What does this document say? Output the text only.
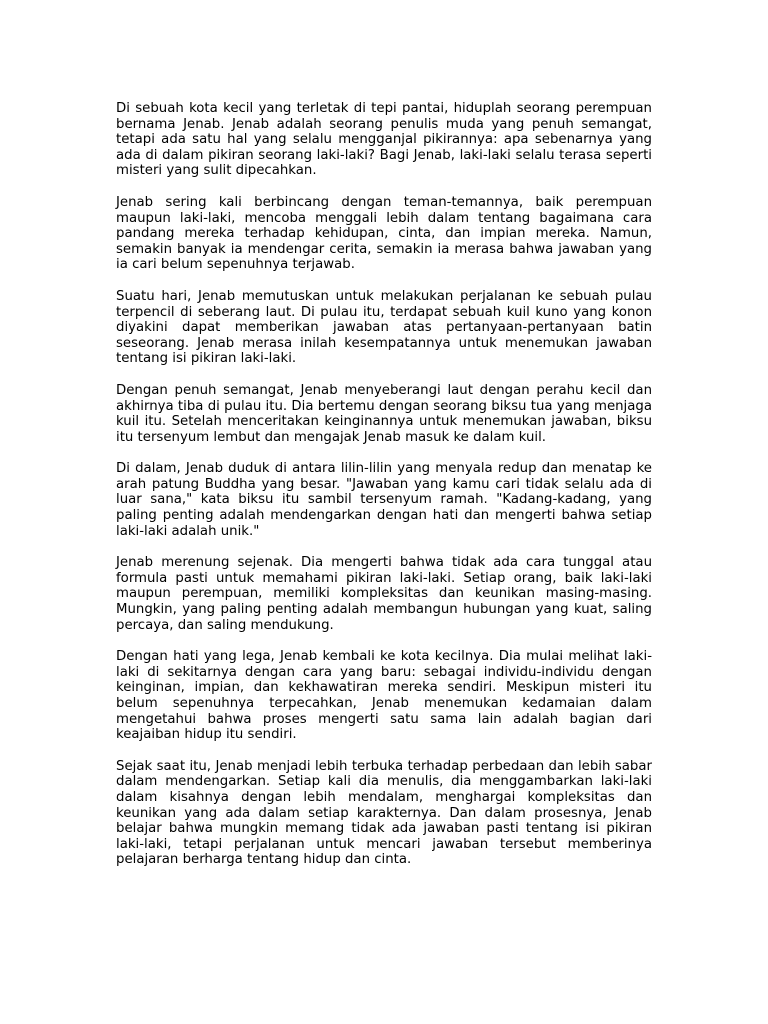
Di sebuah kota kecil yang terletak di tepi pantai, hiduplah seorang perempuan bernama Jenab. Jenab adalah seorang penulis muda yang penuh semangat, tetapi ada satu hal yang selalu mengganjal pikirannya: apa sebenarnya yang ada di dalam pikiran seorang laki-laki? Bagi Jenab, laki-laki selalu terasa seperti misteri yang sulit dipecahkan.

Jenab sering kali berbincang dengan teman-temannya, baik perempuan maupun laki-laki, mencoba menggali lebih dalam tentang bagaimana cara pandang mereka terhadap kehidupan, cinta, dan impian mereka. Namun, semakin banyak ia mendengar cerita, semakin ia merasa bahwa jawaban yang ia cari belum sepenuhnya terjawab.

Suatu hari, Jenab memutuskan untuk melakukan perjalanan ke sebuah pulau terpencil di seberang laut. Di pulau itu, terdapat sebuah kuil kuno yang konon diyakini dapat memberikan jawaban atas pertanyaan-pertanyaan batin seseorang. Jenab merasa inilah kesempatannya untuk menemukan jawaban tentang isi pikiran laki-laki.

Dengan penuh semangat, Jenab menyeberangi laut dengan perahu kecil dan akhirnya tiba di pulau itu. Dia bertemu dengan seorang biksu tua yang menjaga kuil itu. Setelah menceritakan keinginannya untuk menemukan jawaban, biksu itu tersenyum lembut dan mengajak Jenab masuk ke dalam kuil.

Di dalam, Jenab duduk di antara lilin-lilin yang menyala redup dan menatap ke arah patung Buddha yang besar. "Jawaban yang kamu cari tidak selalu ada di luar sana," kata biksu itu sambil tersenyum ramah. "Kadang-kadang, yang paling penting adalah mendengarkan dengan hati dan mengerti bahwa setiap laki-laki adalah unik."

Jenab merenung sejenak. Dia mengerti bahwa tidak ada cara tunggal atau formula pasti untuk memahami pikiran laki-laki. Setiap orang, baik laki-laki maupun perempuan, memiliki kompleksitas dan keunikan masing-masing. Mungkin, yang paling penting adalah membangun hubungan yang kuat, saling percaya, dan saling mendukung.

Dengan hati yang lega, Jenab kembali ke kota kecilnya. Dia mulai melihat laki-laki di sekitarnya dengan cara yang baru: sebagai individu-individu dengan keinginan, impian, dan kekhawatiran mereka sendiri. Meskipun misteri itu belum sepenuhnya terpecahkan, Jenab menemukan kedamaian dalam mengetahui bahwa proses mengerti satu sama lain adalah bagian dari keajaiban hidup itu sendiri.

Sejak saat itu, Jenab menjadi lebih terbuka terhadap perbedaan dan lebih sabar dalam mendengarkan. Setiap kali dia menulis, dia menggambarkan laki-laki dalam kisahnya dengan lebih mendalam, menghargai kompleksitas dan keunikan yang ada dalam setiap karakternya. Dan dalam prosesnya, Jenab belajar bahwa mungkin memang tidak ada jawaban pasti tentang isi pikiran laki-laki, tetapi perjalanan untuk mencari jawaban tersebut memberinya pelajaran berharga tentang hidup dan cinta.
